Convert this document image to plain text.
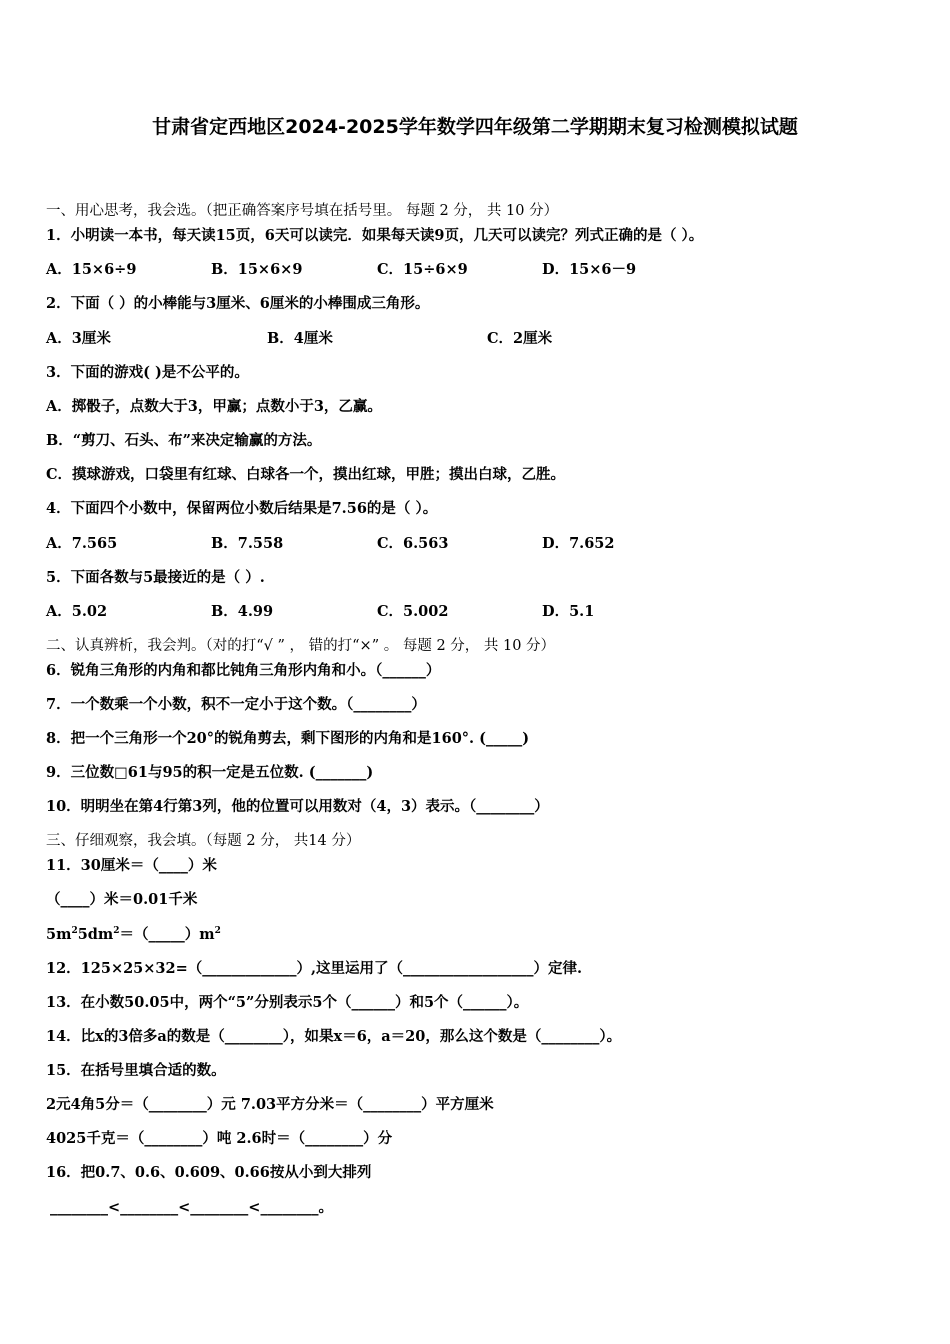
甘肃省定西地区2024-2025学年数学四年级第二学期期末复习检测模拟试题
一、用心思考，我会选。（把正确答案序号填在括号里。 每题 2 分， 共 10 分）
1．小明读一本书，每天读15页，6天可以读完．如果每天读9页，几天可以读完？列式正确的是（ ）。
A．15×6÷9	B．15×6×9	C．15÷6×9	D．15×6－9
2．下面（ ）的小棒能与3厘米、6厘米的小棒围成三角形。
A．3厘米	B．4厘米	C．2厘米
3．下面的游戏( )是不公平的。
A．掷骰子，点数大于3，甲赢；点数小于3，乙赢。
B．“剪刀、石头、布”来决定输赢的方法。
C．摸球游戏，口袋里有红球、白球各一个，摸出红球，甲胜；摸出白球，乙胜。
4．下面四个小数中，保留两位小数后结果是7.56的是（ ）。
A．7.565	B．7.558	C．6.563	D．7.652
5．下面各数与5最接近的是（ ）.
A．5.02	B．4.99	C．5.002	D．5.1
二、认真辨析，我会判。（对的打“√ ” ， 错的打“×” 。 每题 2 分， 共 10 分）
6．锐角三角形的内角和都比钝角三角形内角和小。（______）
7．一个数乘一个小数，积不一定小于这个数。（________）
8．把一个三角形一个20°的锐角剪去，剩下图形的内角和是160°. (_____)
9．三位数□61与95的积一定是五位数. (_______)
10．明明坐在第4行第3列，他的位置可以用数对（4，3）表示。（________）
三、仔细观察，我会填。（每题 2 分， 共14 分）
11．30厘米＝（____）米
（____）米＝0.01千米
$5m^25dm^2=(\_\_\_\_\_)m^2$
12．125×25×32=（_____________）,这里运用了（__________________）定律.
13．在小数50.05中，两个“5”分别表示5个（______）和5个（______）。
14．比x的3倍多a的数是（________），如果x＝6，a＝20，那么这个数是（________）。
15．在括号里填合适的数。
2元4角5分＝（________）元 7.03平方分米＝（________）平方厘米
4025千克＝（________）吨 2.6时＝（________）分
16．把0.7、0.6、0.609、0.66按从小到大排列
________<________<________<________。
